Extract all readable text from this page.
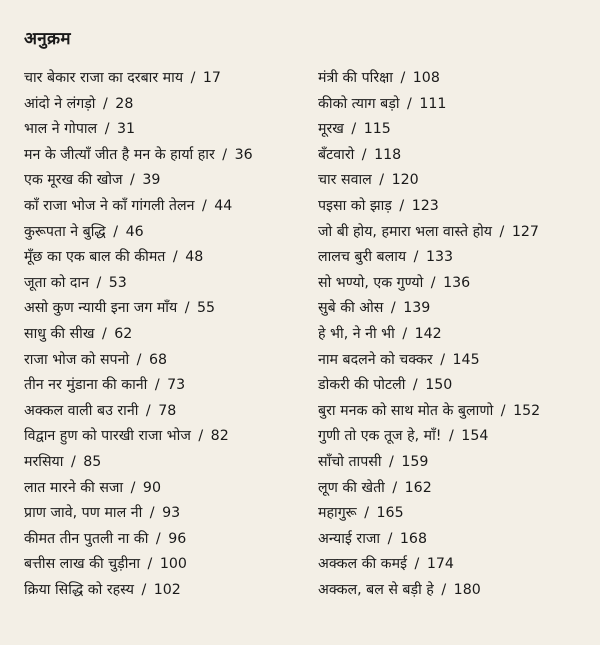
अनुक्रम
चार बेकार राजा का दरबार माय / 17
आंदो ने लंगड़ो / 28
भाल ने गोपाल / 31
मन के जीत्याँ जीत है मन के हार्या हार / 36
एक मूरख की खोज / 39
काँ राजा भोज ने काँ गांगली तेलन / 44
कुरूपता ने बुद्धि / 46
मूँछ का एक बाल की कीमत / 48
जूता को दान / 53
असो कुण न्यायी इना जग माँय / 55
साधु की सीख / 62
राजा भोज को सपनो / 68
तीन नर मुंडाना की कानी / 73
अक्कल वाली बउ रानी / 78
विद्वान हुण को पारखी राजा भोज / 82
मरसिया / 85
लात मारने की सजा / 90
प्राण जावे, पण माल नी / 93
कीमत तीन पुतली ना की / 96
बत्तीस लाख की चुड़ीना / 100
क्रिया सिद्धि को रहस्य / 102
मंत्री की परिक्षा / 108
कीको त्याग बड़ो / 111
मूरख / 115
बँटवारो / 118
चार सवाल / 120
पइसा को झाड़ / 123
जो बी होय, हमारा भला वास्ते होय / 127
लालच बुरी बलाय / 133
सो भण्यो, एक गुण्यो / 136
सुबे की ओस / 139
हे भी, ने नी भी / 142
नाम बदलने को चक्कर / 145
डोकरी की पोटली / 150
बुरा मनक को साथ मोत के बुलाणो / 152
गुणी तो एक तूज हे, माँ! / 154
साँचो तापसी / 159
लूण की खेती / 162
महागुरू / 165
अन्याई राजा / 168
अक्कल की कमई / 174
अक्कल, बल से बड़ी हे / 180
